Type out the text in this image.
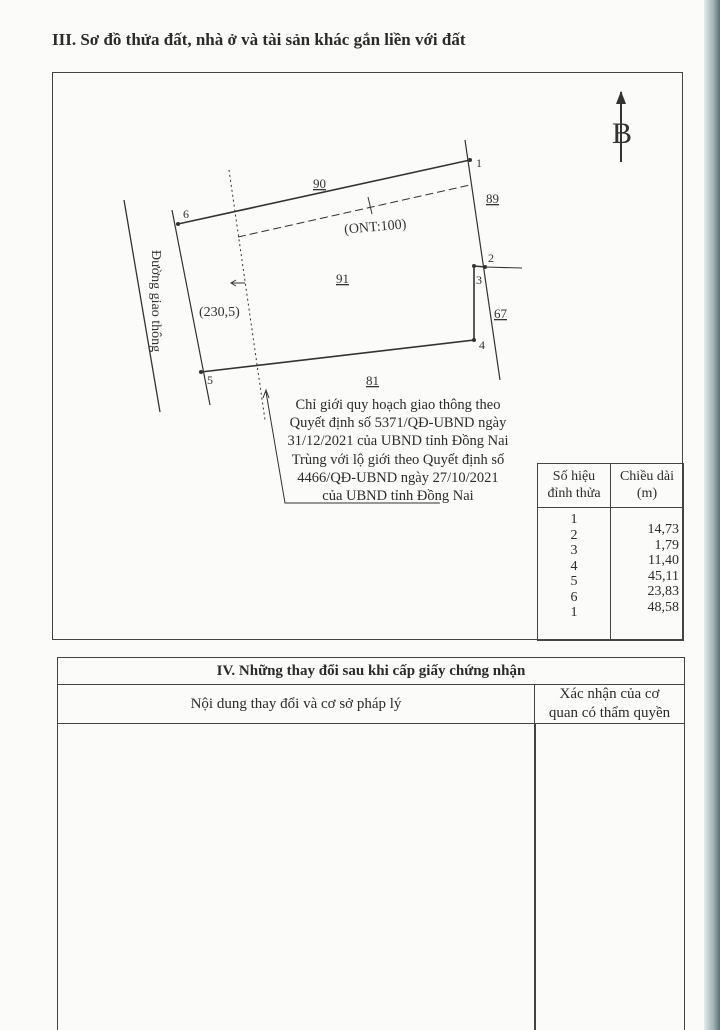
III. Sơ đồ thửa đất, nhà ở và tài sản khác gắn liền với đất
B
Đường giao thông	91
(ONT:100)
(230,5)
90
89
67
81
1
2
3
4
5
6
Chỉ giới quy hoạch giao thông theo
Quyết định số 5371/QĐ-UBND ngày
31/12/2021 của UBND tỉnh Đồng Nai
Trùng với lộ giới theo Quyết định số
4466/QĐ-UBND ngày 27/10/2021
của UBND tỉnh Đồng Nai
Số hiệu
đỉnh thửa
Chiều dài
(m)
1
2
3
4
5
6
1
14,73
1,79
11,40
45,11
23,83
48,58
IV. Những thay đổi sau khi cấp giấy chứng nhận
Nội dung thay đổi và cơ sở pháp lý
Xác nhận của cơ
quan có thẩm quyền
